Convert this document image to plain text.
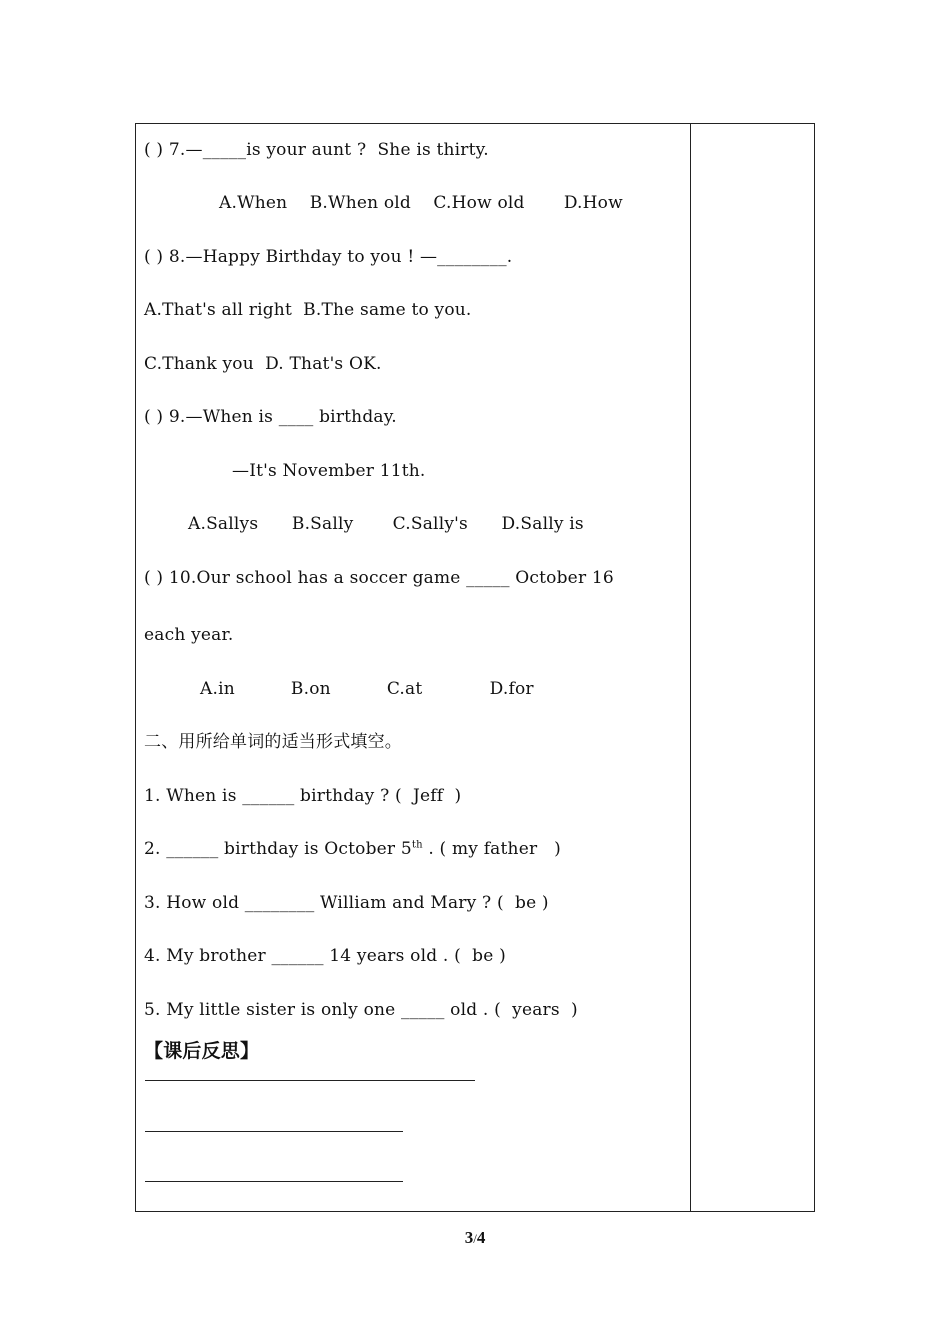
( ) 7.—_____is your aunt ?  She is thirty.
A.When    B.When old    C.How old       D.How
( ) 8.—Happy Birthday to you ! —________.
A.That's all right  B.The same to you.
C.Thank you  D. That's OK.
( ) 9.—When is ____ birthday.
—It's November 11th.
A.Sallys      B.Sally       C.Sally's      D.Sally is
( ) 10.Our school has a soccer game _____ October 16
each year.
A.in          B.on          C.at            D.for
二、用所给单词的适当形式填空。
1. When is ______ birthday ? (  Jeff  )
2. ______ birthday is October 5th . ( my father   )
3. How old ________ William and Mary ? (  be )
4. My brother ______ 14 years old . (  be )
5. My little sister is only one _____ old . (  years  )
【课后反思】
3/4
